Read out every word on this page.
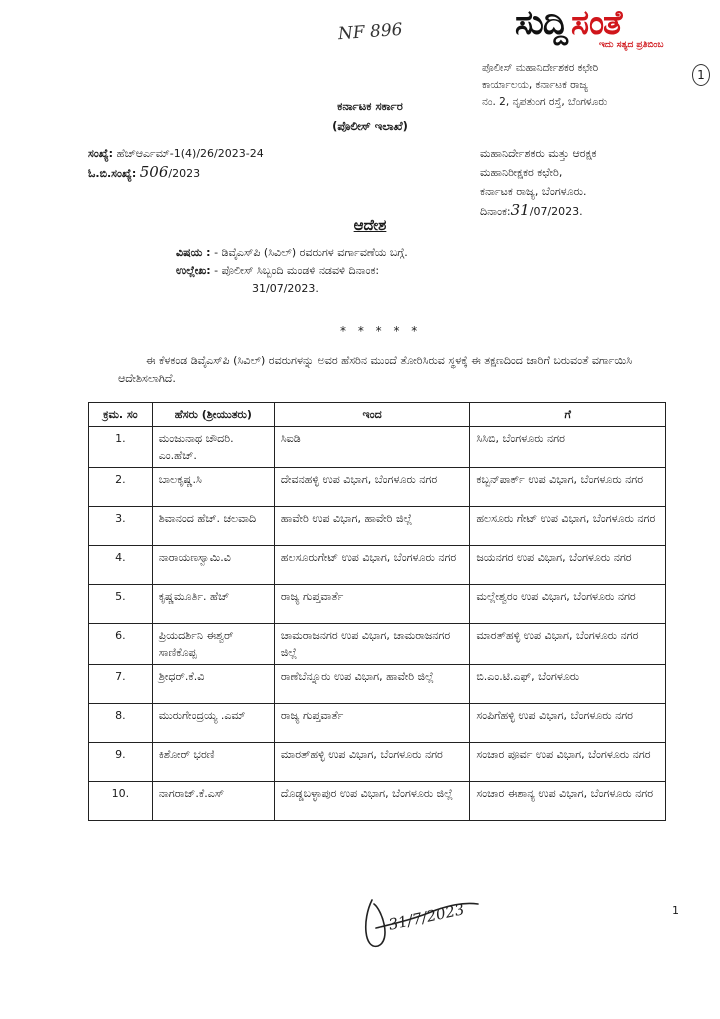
NF 896	ಸುದ್ದಿ ಸಂತೆ
ಇದು ಸತ್ಯದ ಪ್ರತಿಬಿಂಬ
ಪೊಲೀಸ್ ಮಹಾನಿರ್ದೇಶಕರ ಕಛೇರಿ
ಕಾರ್ಯಾಲಯ, ಕರ್ನಾಟಕ ರಾಜ್ಯ
ನಂ. 2, ನೃಪತುಂಗ ರಸ್ತೆ, ಬೆಂಗಳೂರು
1
ಕರ್ನಾಟಕ ಸರ್ಕಾರ
(ಪೊಲೀಸ್ ಇಲಾಖೆ)
ಸಂಖ್ಯೆ: ಹೆಚ್ಆರ್ಎಮ್-1(4)/26/2023-24
ಓ.ಬಿ.ಸಂಖ್ಯೆ: 506/2023
ಮಹಾನಿರ್ದೇಶಕರು ಮತ್ತು ಆರಕ್ಷಕ
ಮಹಾನಿರೀಕ್ಷಕರ ಕಛೇರಿ,
ಕರ್ನಾಟಕ ರಾಜ್ಯ, ಬೆಂಗಳೂರು.
ದಿನಾಂಕ:31/07/2023.
ಆದೇಶ
ವಿಷಯ :
- ಡಿವೈಎಸ್‌ಪಿ (ಸಿವಿಲ್) ರವರುಗಳ ವರ್ಗಾವಣೆಯ ಬಗ್ಗೆ.
ಉಲ್ಲೇಖ:
- ಪೊಲೀಸ್ ಸಿಬ್ಬಂದಿ ಮಂಡಳಿ ನಡವಳಿ ದಿನಾಂಕ:
31/07/2023.
* * * * *
ಈ ಕೆಳಕಂಡ ಡಿವೈಎಸ್‌ಪಿ (ಸಿವಿಲ್) ರವರುಗಳನ್ನು ಅವರ ಹೆಸರಿನ ಮುಂದೆ ತೋರಿಸಿರುವ ಸ್ಥಳಕ್ಕೆ ಈ ತಕ್ಷಣದಿಂದ ಜಾರಿಗೆ ಬರುವಂತೆ ವರ್ಗಾಯಿಸಿ ಆದೇಶಿಸಲಾಗಿದೆ.
ಕ್ರಮ. ಸಂ	ಹೆಸರು (ಶ್ರೀಯುತರು)	ಇಂದ	ಗೆ
1.	ಮಂಜುನಾಥ ಚೌದರಿ. ಎಂ.ಹೆಚ್.	ಸಿಐಡಿ	ಸಿಸಿಬಿ, ಬೆಂಗಳೂರು ನಗರ
2.	ಬಾಲಕೃಷ್ಣ.ಸಿ	ದೇವನಹಳ್ಳಿ ಉಪ ವಿಭಾಗ, ಬೆಂಗಳೂರು ನಗರ	ಕಬ್ಬನ್‌ಪಾರ್ಕ್ ಉಪ ವಿಭಾಗ, ಬೆಂಗಳೂರು ನಗರ
3.	ಶಿವಾನಂದ ಹೆಚ್. ಚಲವಾದಿ	ಹಾವೇರಿ ಉಪ ವಿಭಾಗ, ಹಾವೇರಿ ಜಿಲ್ಲೆ	ಹಲಸೂರು ಗೇಟ್ ಉಪ ವಿಭಾಗ, ಬೆಂಗಳೂರು ನಗರ
4.	ನಾರಾಯಣಸ್ವಾಮಿ.ವಿ	ಹಲಸೂರುಗೇಟ್ ಉಪ ವಿಭಾಗ, ಬೆಂಗಳೂರು ನಗರ	ಜಯನಗರ ಉಪ ವಿಭಾಗ, ಬೆಂಗಳೂರು ನಗರ
5.	ಕೃಷ್ಣಮೂರ್ತಿ. ಹೆಚ್	ರಾಜ್ಯ ಗುಪ್ತವಾರ್ತೆ	ಮಲ್ಲೇಶ್ವರಂ ಉಪ ವಿಭಾಗ, ಬೆಂಗಳೂರು ನಗರ
6.	ಪ್ರಿಯದರ್ಶಿನಿ ಈಶ್ವರ್ ಸಾಣಿಕೊಪ್ಪ	ಚಾಮರಾಜನಗರ ಉಪ ವಿಭಾಗ, ಚಾಮರಾಜನಗರ ಜಿಲ್ಲೆ	ಮಾರತ್‌ಹಳ್ಳಿ ಉಪ ವಿಭಾಗ, ಬೆಂಗಳೂರು ನಗರ
7.	ಶ್ರೀಧರ್.ಕೆ.ವಿ	ರಾಣೆಬೆನ್ನೂರು ಉಪ ವಿಭಾಗ, ಹಾವೇರಿ ಜಿಲ್ಲೆ	ಬಿ.ಎಂ.ಟಿ.ಎಫ್, ಬೆಂಗಳೂರು
8.	ಮುರುಗೇಂದ್ರಯ್ಯ .ಎಮ್	ರಾಜ್ಯ ಗುಪ್ತವಾರ್ತೆ	ಸಂಪಿಗೆಹಳ್ಳಿ ಉಪ ವಿಭಾಗ, ಬೆಂಗಳೂರು ನಗರ
9.	ಕಿಶೋರ್ ಭರಣಿ	ಮಾರತ್‌ಹಳ್ಳಿ ಉಪ ವಿಭಾಗ, ಬೆಂಗಳೂರು ನಗರ	ಸಂಚಾರ ಪೂರ್ವ ಉಪ ವಿಭಾಗ, ಬೆಂಗಳೂರು ನಗರ
10.	ನಾಗರಾಜ್.ಕೆ.ಎಸ್	ದೊಡ್ಡಬಳ್ಳಾಪುರ ಉಪ ವಿಭಾಗ, ಬೆಂಗಳೂರು ಜಿಲ್ಲೆ	ಸಂಚಾರ ಈಶಾನ್ಯ ಉಪ ವಿಭಾಗ, ಬೆಂಗಳೂರು ನಗರ
31/7/2023	1
